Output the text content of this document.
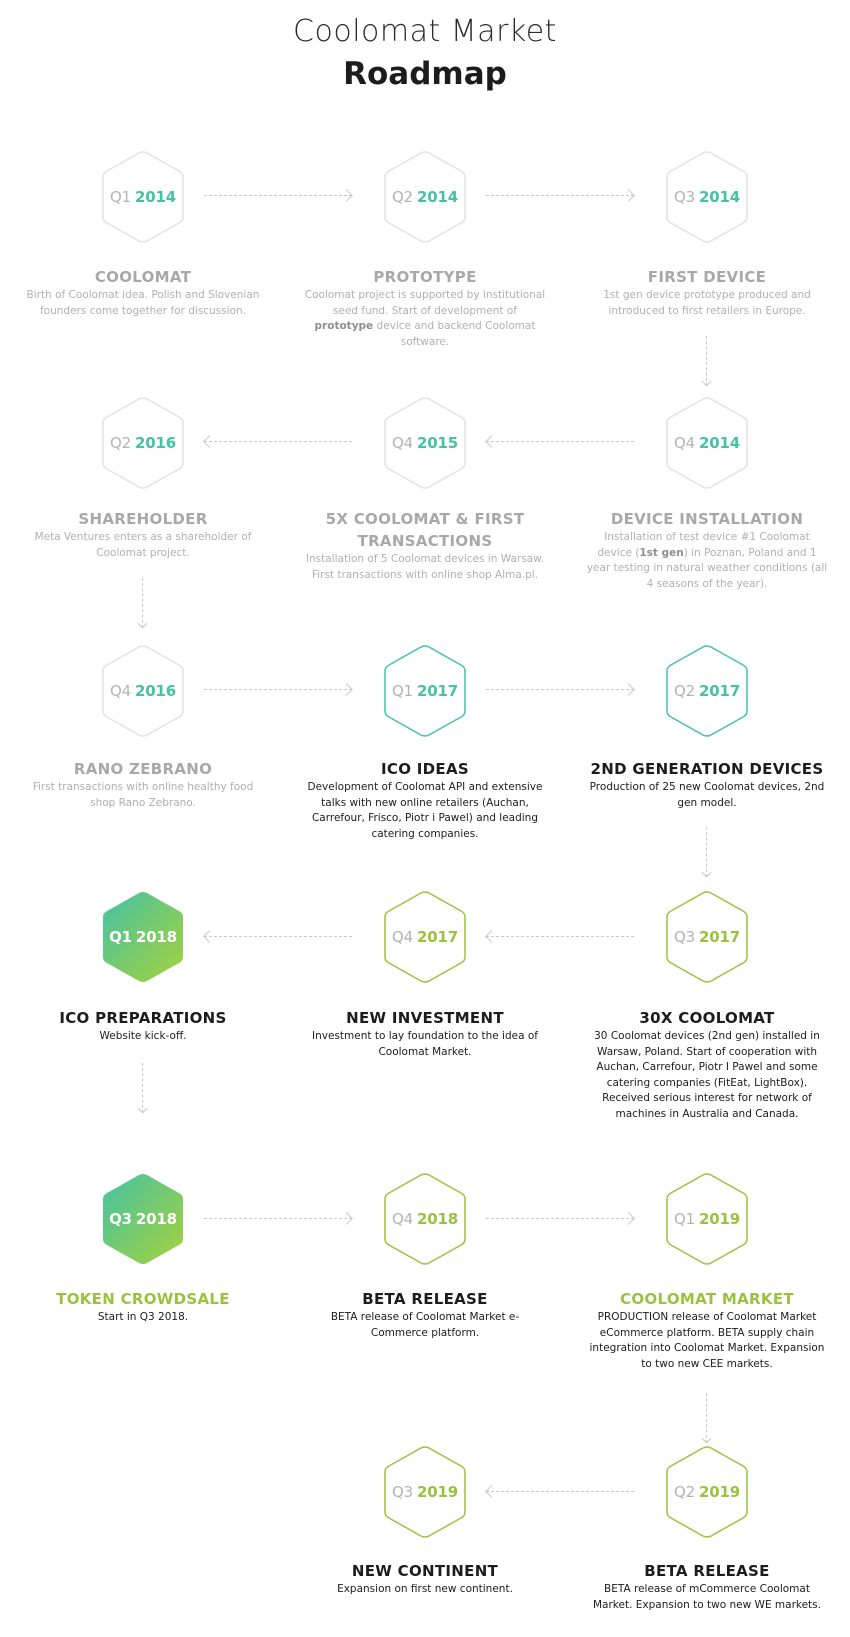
Coolomat Market
Roadmap
Q1 2014	Q2 2014	Q3 2014
COOLOMAT

Birth of Coolomat idea. Polish and Slovenian founders come together for discussion.

PROTOTYPE

Coolomat project is supported by institutional seed fund. Start of development of prototype device and backend Coolomat software.

FIRST DEVICE

1st gen device prototype produced and introduced to first retailers in Europe.

Q2 2016	Q4 2015	Q4 2014
SHAREHOLDER

Meta Ventures enters as a shareholder of Coolomat project.

5X COOLOMAT & FIRST TRANSACTIONS

Installation of 5 Coolomat devices in Warsaw. First transactions with online shop Alma.pl.

DEVICE INSTALLATION

Installation of test device #1 Coolomat device (1st gen) in Poznan, Poland and 1 year testing in natural weather conditions (all 4 seasons of the year).

Q4 2016	Q1 2017	Q2 2017
RANO ZEBRANO

First transactions with online healthy food shop Rano Zebrano.

ICO IDEAS

Development of Coolomat API and extensive talks with new online retailers (Auchan, Carrefour, Frisco, Piotr i Pawel) and leading catering companies.

2ND GENERATION DEVICES

Production of 25 new Coolomat devices, 2nd gen model.

Q1 2018	Q4 2017	Q3 2017
ICO PREPARATIONS

Website kick-off.

NEW INVESTMENT

Investment to lay foundation to the idea of Coolomat Market.

30X COOLOMAT

30 Coolomat devices (2nd gen) installed in Warsaw, Poland. Start of cooperation with Auchan, Carrefour, Piotr I Pawel and some catering companies (FitEat, LightBox). Received serious interest for network of machines in Australia and Canada.

Q3 2018	Q4 2018	Q1 2019
TOKEN CROWDSALE

Start in Q3 2018.

BETA RELEASE

BETA release of Coolomat Market e-Commerce platform.

COOLOMAT MARKET

PRODUCTION release of Coolomat Market eCommerce platform. BETA supply chain integration into Coolomat Market. Expansion to two new CEE markets.

Q3 2019	Q2 2019
NEW CONTINENT

Expansion on first new continent.

BETA RELEASE

BETA release of mCommerce Coolomat Market. Expansion to two new WE markets.
